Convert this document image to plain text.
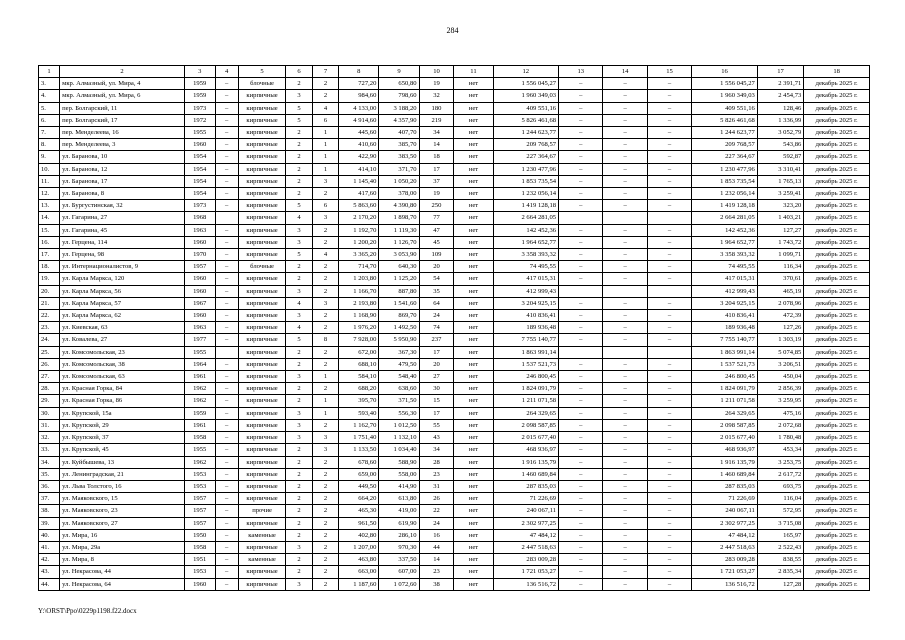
284
1	2	3	4	5	6	7	8	9	10	11	12	13	14	15	16	17	18
3.	мкр. Алмазный, ул. Мира, 4	1959	–	блочные	2	2	727,20	650,80	19	нет	1 556 045,27	–	–	–	1 556 045,27	2 391,71	декабрь 2025 г.
4.	мкр. Алмазный, ул. Мира, 6	1959	–	кирпичные	3	2	984,60	798,60	32	нет	1 960 349,03	–	–	–	1 960 349,03	2 454,73	декабрь 2025 г.
5.	пер. Болгарский, 11	1973	–	кирпичные	5	4	4 133,00	3 188,20	180	нет	409 551,16	–	–	–	409 551,16	128,46	декабрь 2025 г.
6.	пер. Болгарский, 17	1972	–	кирпичные	5	6	4 914,60	4 357,90	219	нет	5 826 461,68	–	–	–	5 826 461,68	1 336,99	декабрь 2025 г.
7.	пер. Менделеева, 16	1955	–	кирпичные	2	1	445,60	407,70	34	нет	1 244 623,77	–	–	–	1 244 623,77	3 052,79	декабрь 2025 г.
8.	пер. Менделеева, 3	1960	–	кирпичные	2	1	410,60	385,70	14	нет	209 768,57	–	–	–	209 768,57	543,86	декабрь 2025 г.
9.	ул. Баранова, 10	1954	–	кирпичные	2	1	422,90	383,50	18	нет	227 364,67	–	–	–	227 364,67	592,87	декабрь 2025 г.
10.	ул. Баранова, 12	1954	–	кирпичные	2	1	414,10	371,70	17	нет	1 230 477,96	–	–	–	1 230 477,96	3 310,41	декабрь 2025 г.
11.	ул. Баранова, 17	1954	–	кирпичные	2	3	1 145,40	1 050,20	37	нет	1 853 735,54	–	–	–	1 853 735,54	1 765,13	декабрь 2025 г.
12.	ул. Баранова, 8	1954	–	кирпичные	2	2	417,60	378,00	19	нет	1 232 056,14	–	–	–	1 232 056,14	3 259,41	декабрь 2025 г.
13.	ул. Бургустинская, 32	1973	–	кирпичные	5	6	5 863,60	4 390,80	250	нет	1 419 128,18	–	–	–	1 419 128,18	323,20	декабрь 2025 г.
14.	ул. Гагарина, 27	1968		кирпичные	4	3	2 170,20	1 898,70	77	нет	2 664 281,05				2 664 281,05	1 403,21	декабрь 2025 г.
15.	ул. Гагарина, 45	1963	–	кирпичные	3	2	1 192,70	1 119,30	47	нет	142 452,36	–	–	–	142 452,36	127,27	декабрь 2025 г.
16.	ул. Герцена, 114	1960	–	кирпичные	3	2	1 200,20	1 126,70	45	нет	1 964 652,77	–	–	–	1 964 652,77	1 743,72	декабрь 2025 г.
17.	ул. Герцена, 98	1970	–	кирпичные	5	4	3 365,20	3 053,90	109	нет	3 358 393,32	–	–	–	3 358 393,32	1 099,71	декабрь 2025 г.
18.	ул. Интернационалистов, 9	1957	–	блочные	2	2	714,70	640,30	20	нет	74 495,55	–	–	–	74 495,55	116,34	декабрь 2025 г.
19.	ул. Карла Маркса, 120	1960	–	кирпичные	2	2	1 203,80	1 125,20	54	нет	417 015,31	–	–	–	417 015,31	370,61	декабрь 2025 г.
20.	ул. Карла Маркса, 56	1960	–	кирпичные	3	2	1 166,70	887,80	35	нет	412 999,43				412 999,43	465,19	декабрь 2025 г.
21.	ул. Карла Маркса, 57	1967	–	кирпичные	4	3	2 193,80	1 541,60	64	нет	3 204 925,15	–	–	–	3 204 925,15	2 078,96	декабрь 2025 г.
22.	ул. Карла Маркса, 62	1960	–	кирпичные	3	2	1 168,90	869,70	24	нет	410 836,41	–	–	–	410 836,41	472,39	декабрь 2025 г.
23.	ул. Киевская, 63	1963	–	кирпичные	4	2	1 976,20	1 492,50	74	нет	189 936,48	–	–	–	189 936,48	127,26	декабрь 2025 г.
24.	ул. Ковалева, 27	1977	–	кирпичные	5	8	7 928,00	5 950,90	237	нет	7 755 140,77	–	–	–	7 755 140,77	1 303,19	декабрь 2025 г.
25.	ул. Комсомольская, 23	1955		кирпичные	2	2	672,00	367,30	17	нет	1 863 991,14				1 863 991,14	5 074,85	декабрь 2025 г.
26.	ул. Комсомольская, 38	1964	–	кирпичные	2	2	688,10	479,50	20	нет	1 537 521,73	–	–	–	1 537 521,73	3 206,51	декабрь 2025 г.
27.	ул. Комсомольская, 63	1961	–	кирпичные	3	1	584,10	548,40	27	нет	246 800,45	–	–	–	246 800,45	450,04	декабрь 2025 г.
28.	ул. Красная Горка, 84	1962	–	кирпичные	2	2	688,20	638,60	30	нет	1 824 091,79	–	–	–	1 824 091,79	2 856,39	декабрь 2025 г.
29.	ул. Красная Горка, 86	1962	–	кирпичные	2	1	395,70	371,50	15	нет	1 211 071,58	–	–	–	1 211 071,58	3 259,95	декабрь 2025 г.
30.	ул. Крупской, 15а	1959	–	кирпичные	3	1	593,40	556,30	17	нет	264 329,65	–	–	–	264 329,65	475,16	декабрь 2025 г.
31.	ул. Крупской, 29	1961	–	кирпичные	3	2	1 162,70	1 012,50	55	нет	2 098 587,85	–	–	–	2 098 587,85	2 072,68	декабрь 2025 г.
32.	ул. Крупской, 37	1958	–	кирпичные	3	3	1 751,40	1 132,10	43	нет	2 015 677,40	–	–	–	2 015 677,40	1 780,48	декабрь 2025 г.
33.	ул. Крупской, 45	1955	–	кирпичные	2	3	1 133,50	1 034,40	34	нет	468 936,97	–	–	–	468 936,97	453,34	декабрь 2025 г.
34.	ул. Куйбышева, 13	1962	–	кирпичные	2	2	678,60	588,90	28	нет	1 916 135,79	–	–	–	1 916 135,79	3 253,75	декабрь 2025 г.
35.	ул. Ленинградская, 21	1953	–	кирпичные	2	2	659,00	558,00	23	нет	1 460 689,84	–	–	–	1 460 689,84	2 617,72	декабрь 2025 г.
36.	ул. Льва Толстого, 16	1953	–	кирпичные	2	2	449,50	414,90	31	нет	287 835,03	–	–	–	287 835,03	693,75	декабрь 2025 г.
37.	ул. Маяковского, 15	1957	–	кирпичные	2	2	664,20	613,80	26	нет	71 226,69	–	–	–	71 226,69	116,04	декабрь 2025 г.
38.	ул. Маяковского, 23	1957	–	прочие	2	2	465,30	419,00	22	нет	240 067,11	–	–	–	240 067,11	572,95	декабрь 2025 г.
39.	ул. Маяковского, 27	1957	–	кирпичные	2	2	961,50	619,90	24	нет	2 302 977,25	–	–	–	2 302 977,25	3 715,08	декабрь 2025 г.
40.	ул. Мира, 16	1950	–	каменные	2	2	402,80	286,10	16	нет	47 484,12	–	–	–	47 484,12	165,97	декабрь 2025 г.
41.	ул. Мира, 29а	1958	–	кирпичные	3	2	1 207,00	970,30	44	нет	2 447 518,63	–	–	–	2 447 518,63	2 522,43	декабрь 2025 г.
42.	ул. Мира, 8	1951	–	каменные	2	2	463,80	337,50	14	нет	283 009,28	–	–	–	283 009,28	838,55	декабрь 2025 г.
43.	ул. Некрасова, 44	1953	–	кирпичные	2	2	663,00	607,00	23	нет	1 721 053,27	–	–	–	1 721 053,27	2 835,34	декабрь 2025 г.
44.	ул. Некрасова, 64	1960	–	кирпичные	3	2	1 187,60	1 072,60	38	нет	136 516,72	–	–	–	136 516,72	127,28	декабрь 2025 г.
Y:\ORST\Ppo\0229p1198.f22.docx
